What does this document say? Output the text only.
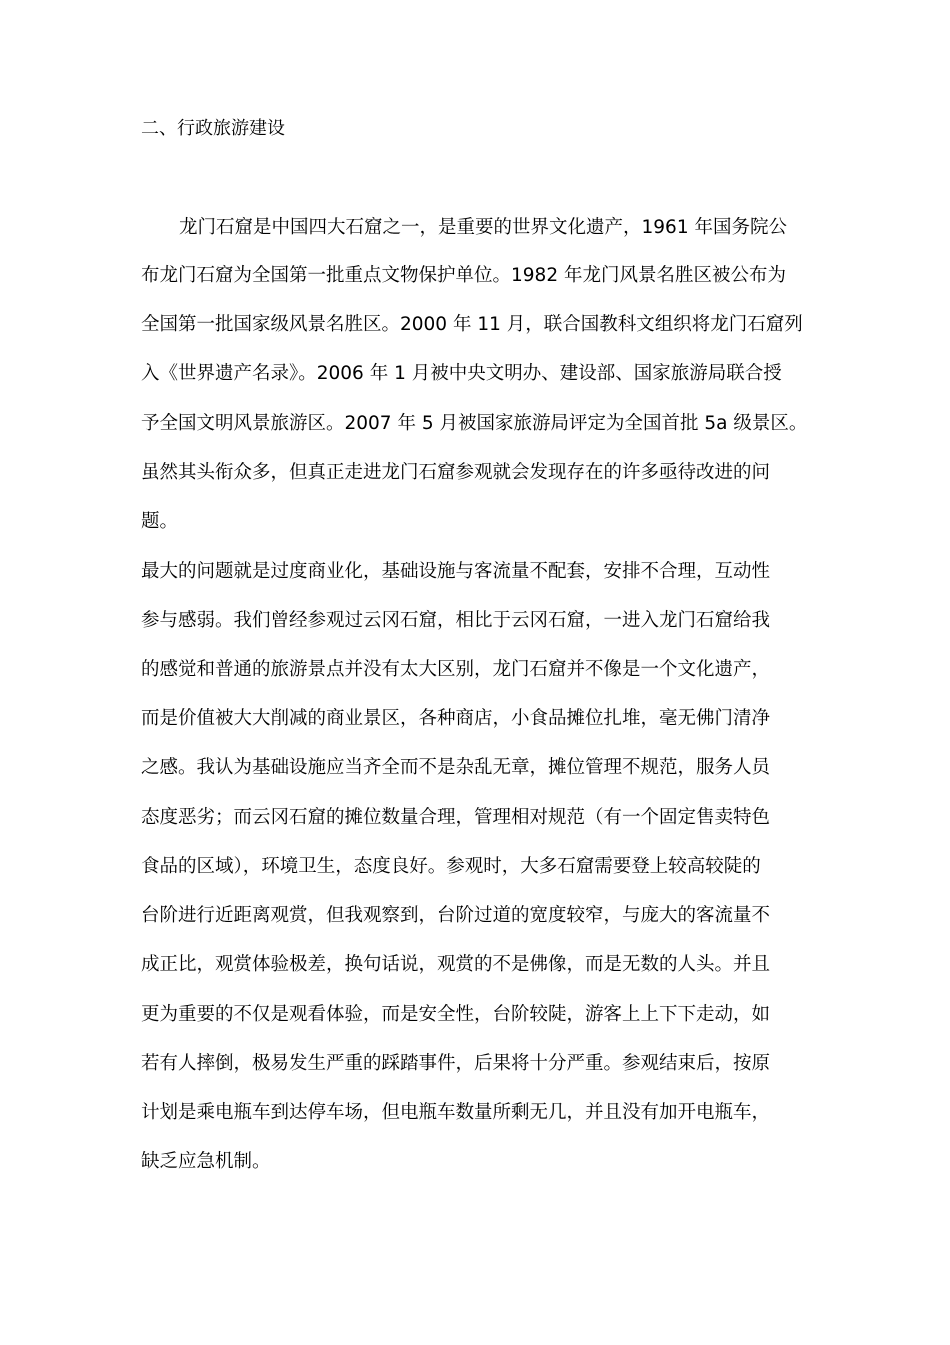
二、行政旅游建设
龙门石窟是中国四大石窟之一，是重要的世界文化遗产，1961 年国务院公
布龙门石窟为全国第一批重点文物保护单位。1982 年龙门风景名胜区被公布为
全国第一批国家级风景名胜区。2000 年 11 月，联合国教科文组织将龙门石窟列
入《世界遗产名录》。2006 年 1 月被中央文明办、建设部、国家旅游局联合授
予全国文明风景旅游区。2007 年 5 月被国家旅游局评定为全国首批 5a 级景区。
虽然其头衔众多，但真正走进龙门石窟参观就会发现存在的许多亟待改进的问
题。
最大的问题就是过度商业化，基础设施与客流量不配套，安排不合理，互动性
参与感弱。我们曾经参观过云冈石窟，相比于云冈石窟，一进入龙门石窟给我
的感觉和普通的旅游景点并没有太大区别，龙门石窟并不像是一个文化遗产，
而是价值被大大削减的商业景区，各种商店，小食品摊位扎堆，毫无佛门清净
之感。我认为基础设施应当齐全而不是杂乱无章，摊位管理不规范，服务人员
态度恶劣；而云冈石窟的摊位数量合理，管理相对规范（有一个固定售卖特色
食品的区域），环境卫生，态度良好。参观时，大多石窟需要登上较高较陡的
台阶进行近距离观赏，但我观察到，台阶过道的宽度较窄，与庞大的客流量不
成正比，观赏体验极差，换句话说，观赏的不是佛像，而是无数的人头。并且
更为重要的不仅是观看体验，而是安全性，台阶较陡，游客上上下下走动，如
若有人摔倒，极易发生严重的踩踏事件，后果将十分严重。参观结束后，按原
计划是乘电瓶车到达停车场，但电瓶车数量所剩无几，并且没有加开电瓶车，
缺乏应急机制。
